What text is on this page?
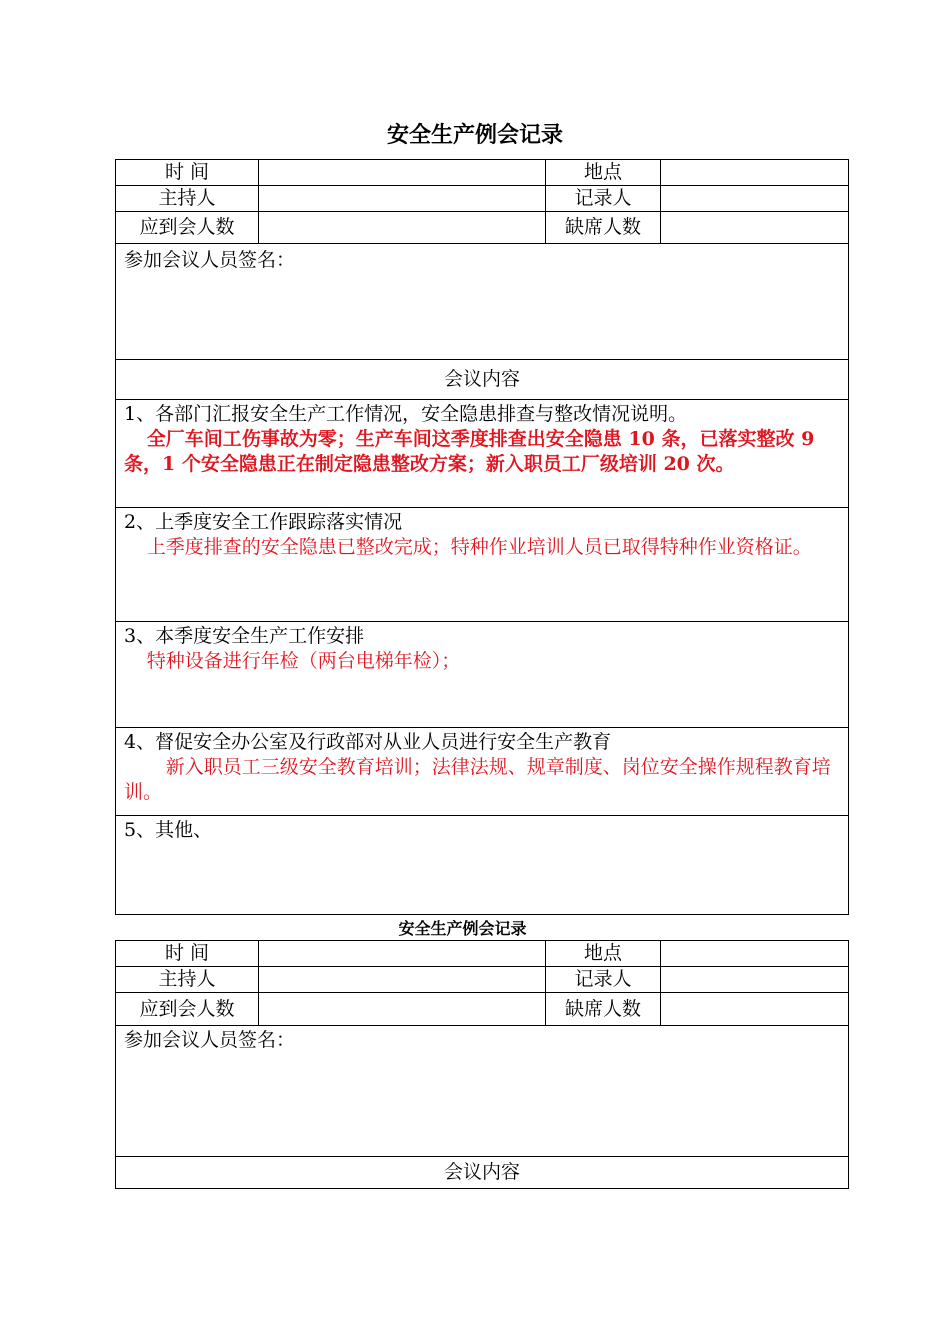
安全生产例会记录
时 间		地点	
主持人		记录人	
应到会人数		缺席人数	
参加会议人员签名：			
会议内容			

1、各部门汇报安全生产工作情况，安全隐患排查与整改情况说明。
全厂车间工伤事故为零；生产车间这季度排查出安全隐患 10 条，已落实整改 9 条，1 个安全隐患正在制定隐患整改方案；新入职员工厂级培训 20 次。			

2、上季度安全工作跟踪落实情况
上季度排查的安全隐患已整改完成；特种作业培训人员已取得特种作业资格证。			

3、本季度安全生产工作安排
特种设备进行年检（两台电梯年检）；			

4、督促安全办公室及行政部对从业人员进行安全生产教育
新入职员工三级安全教育培训；法律法规、规章制度、岗位安全操作规程教育培训。			

5、其他、			
安全生产例会记录
时 间		地点	
主持人		记录人	
应到会人数		缺席人数	
参加会议人员签名：			
会议内容			
